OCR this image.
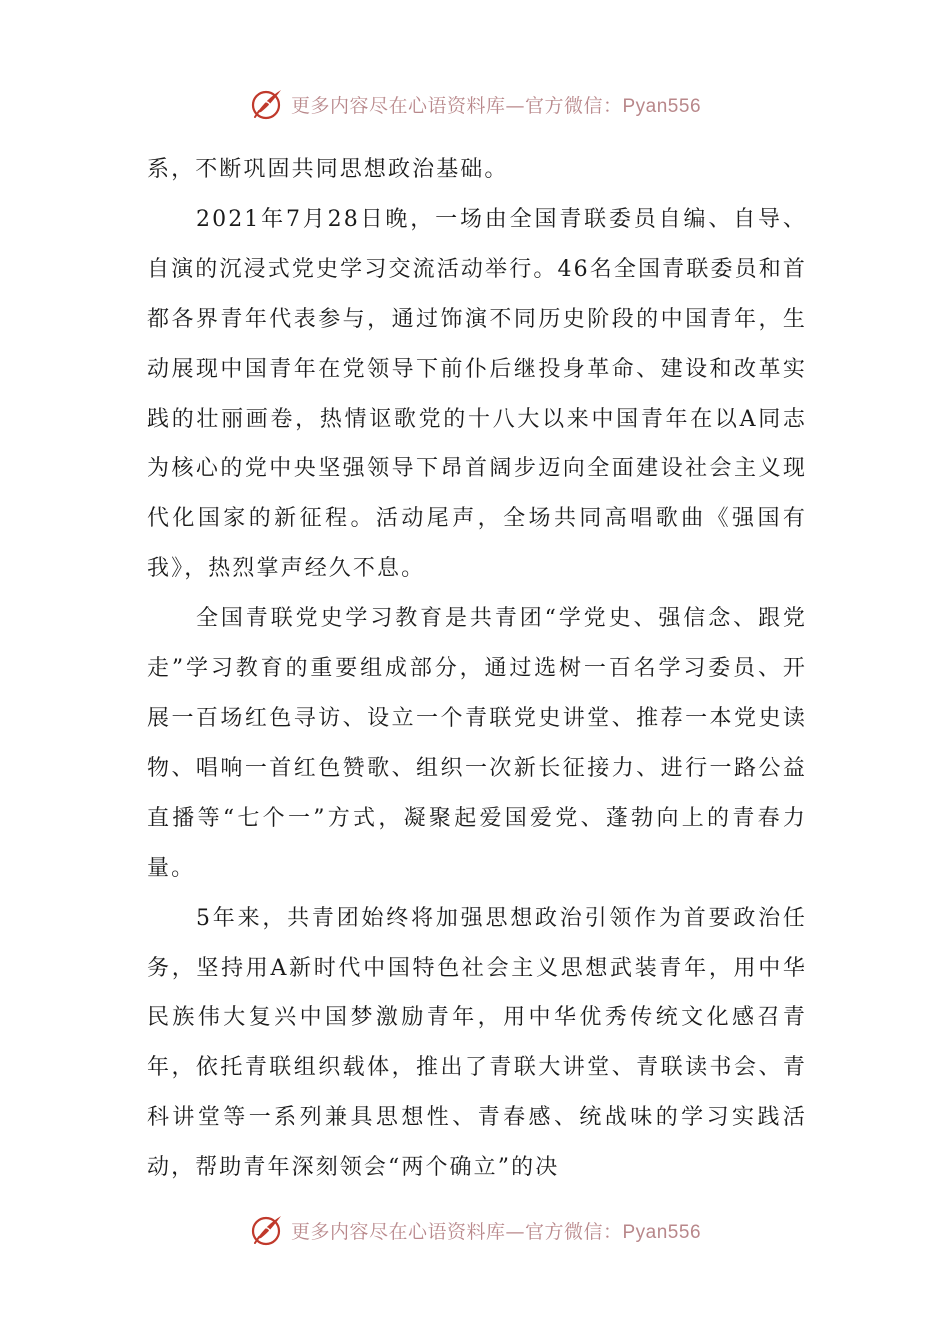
更多内容尽在心语资料库—官方微信：Pyan556

系，不断巩固共同思想政治基础。

2021年7月28日晚，一场由全国青联委员自编、自导、自演的沉浸式党史学习交流活动举行。46名全国青联委员和首都各界青年代表参与，通过饰演不同历史阶段的中国青年，生动展现中国青年在党领导下前仆后继投身革命、建设和改革实践的壮丽画卷，热情讴歌党的十八大以来中国青年在以A同志为核心的党中央坚强领导下昂首阔步迈向全面建设社会主义现代化国家的新征程。活动尾声，全场共同高唱歌曲《强国有我》，热烈掌声经久不息。

全国青联党史学习教育是共青团“学党史、强信念、跟党走”学习教育的重要组成部分，通过选树一百名学习委员、开展一百场红色寻访、设立一个青联党史讲堂、推荐一本党史读物、唱响一首红色赞歌、组织一次新长征接力、进行一路公益直播等“七个一”方式，凝聚起爱国爱党、蓬勃向上的青春力量。

5年来，共青团始终将加强思想政治引领作为首要政治任务，坚持用A新时代中国特色社会主义思想武装青年，用中华民族伟大复兴中国梦激励青年，用中华优秀传统文化感召青年，依托青联组织载体，推出了青联大讲堂、青联读书会、青科讲堂等一系列兼具思想性、青春感、统战味的学习实践活动，帮助青年深刻领会“两个确立”的决

更多内容尽在心语资料库—官方微信：Pyan556
